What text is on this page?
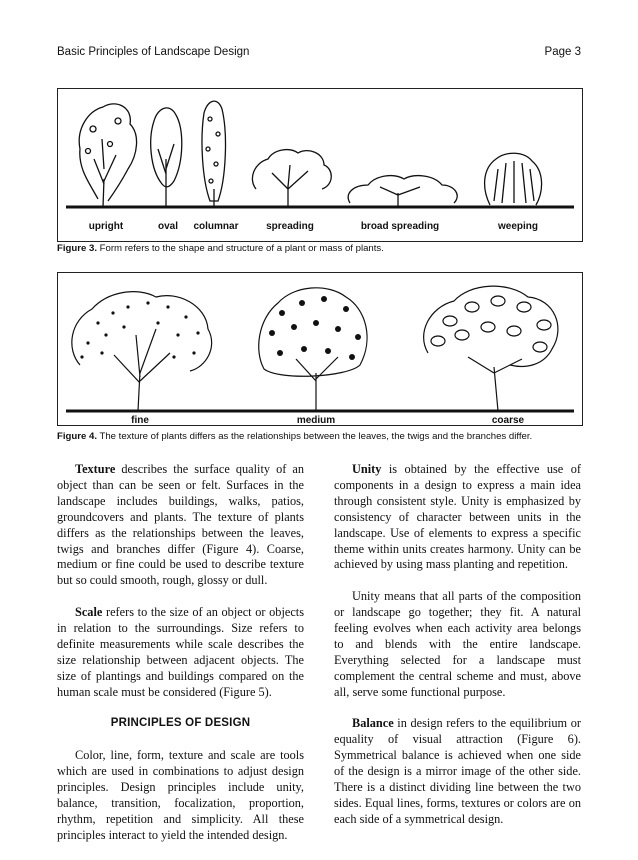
Basic Principles of Landscape Design	Page 3
upright	oval columnar	spreading	broad spreading	weeping
Figure 3. Form refers to the shape and structure of a plant or mass of plants.
fine	medium	coarse
Figure 4. The texture of plants differs as the relationships between the leaves, the twigs and the branches differ.

Texture describes the surface quality of an object than can be seen or felt. Surfaces in the landscape includes buildings, walks, patios, groundcovers and plants. The texture of plants differs as the relationships between the leaves, twigs and branches differ (Figure 4). Coarse, medium or fine could be used to describe texture but so could smooth, rough, glossy or dull.

Scale refers to the size of an object or objects in relation to the surroundings. Size refers to definite measurements while scale describes the size relationship between adjacent objects. The size of plantings and buildings compared on the human scale must be considered (Figure 5).

PRINCIPLES OF DESIGN

Color, line, form, texture and scale are tools which are used in combinations to adjust design principles. Design principles include unity, balance, transition, focalization, proportion, rhythm, repetition and simplicity. All these principles interact to yield the intended design.

Unity is obtained by the effective use of components in a design to express a main idea through consistent style. Unity is emphasized by consistency of character between units in the landscape. Use of elements to express a specific theme within units creates harmony. Unity can be achieved by using mass planting and repetition.

Unity means that all parts of the composition or landscape go together; they fit. A natural feeling evolves when each activity area belongs to and blends with the entire landscape. Everything selected for a landscape must complement the central scheme and must, above all, serve some functional purpose.

Balance in design refers to the equilibrium or equality of visual attraction (Figure 6). Symmetrical balance is achieved when one side of the design is a mirror image of the other side. There is a distinct dividing line between the two sides. Equal lines, forms, textures or colors are on each side of a symmetrical design.
